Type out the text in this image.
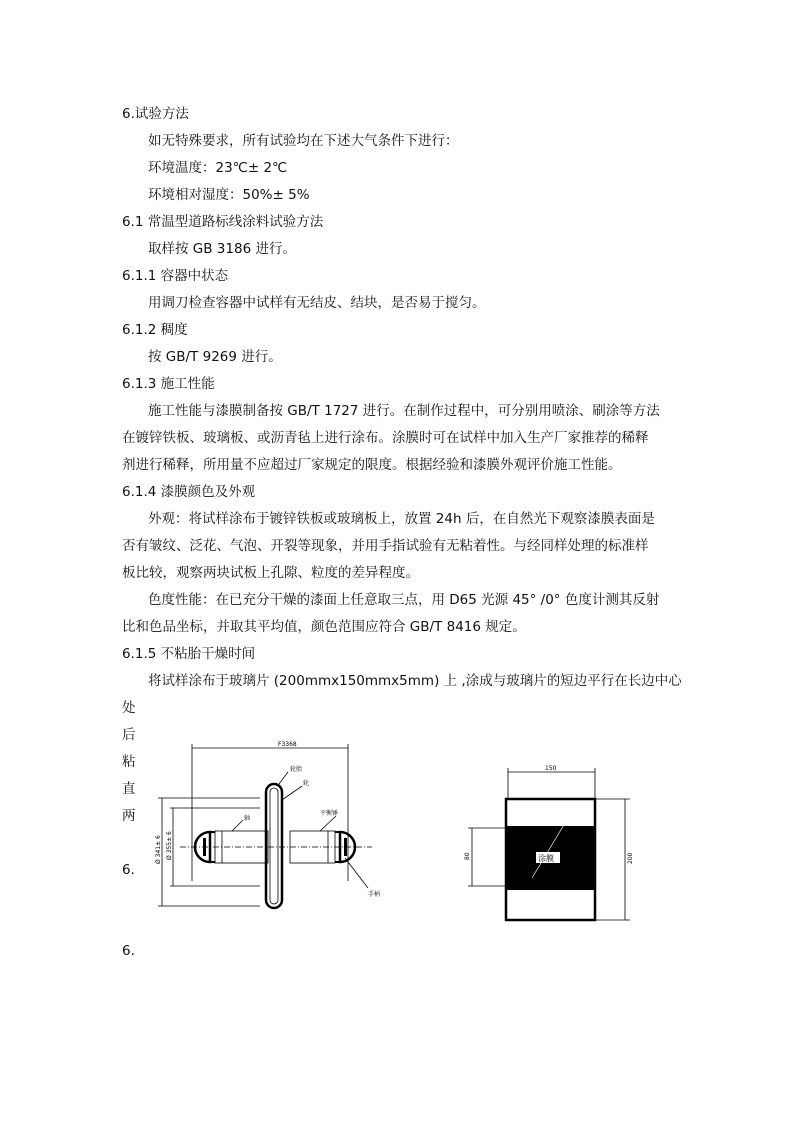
6.试验方法
如无特殊要求，所有试验均在下述大气条件下进行：
环境温度：23℃± 2℃
环境相对湿度：50%± 5%
6.1 常温型道路标线涂料试验方法
取样按 GB 3186 进行。
6.1.1 容器中状态
用调刀检查容器中试样有无结皮、结块，是否易于搅匀。
6.1.2 稠度
按 GB/T 9269 进行。
6.1.3 施工性能
施工性能与漆膜制备按 GB/T 1727 进行。在制作过程中，可分别用喷涂、刷涂等方法
在镀锌铁板、玻璃板、或沥青毡上进行涂布。涂膜时可在试样中加入生产厂家推荐的稀释
剂进行稀释，所用量不应超过厂家规定的限度。根据经验和漆膜外观评价施工性能。
6.1.4 漆膜颜色及外观
外观：将试样涂布于镀锌铁板或玻璃板上，放置 24h 后，在自然光下观察漆膜表面是
否有皱纹、泛花、气泡、开裂等现象，并用手指试验有无粘着性。与经同样处理的标准样
板比较，观察两块试板上孔隙、粒度的差异程度。
色度性能：在已充分干燥的漆面上任意取三点，用 D65 光源 45° /0° 色度计测其反射
比和色品坐标，并取其平均值，颜色范围应符合 GB/T 8416 规定。
6.1.5 不粘胎干燥时间
将试样涂布于玻璃片 (200mmx150mmx5mm) 上 ,涂成与玻璃片的短边平行在长边中心
处
后
粘
直
两
6.
6.
F3368
轮胎
轮
轴
平衡锤
手柄
Ø 341± 6 Ø 355± 6	涂膜
150
200
80
